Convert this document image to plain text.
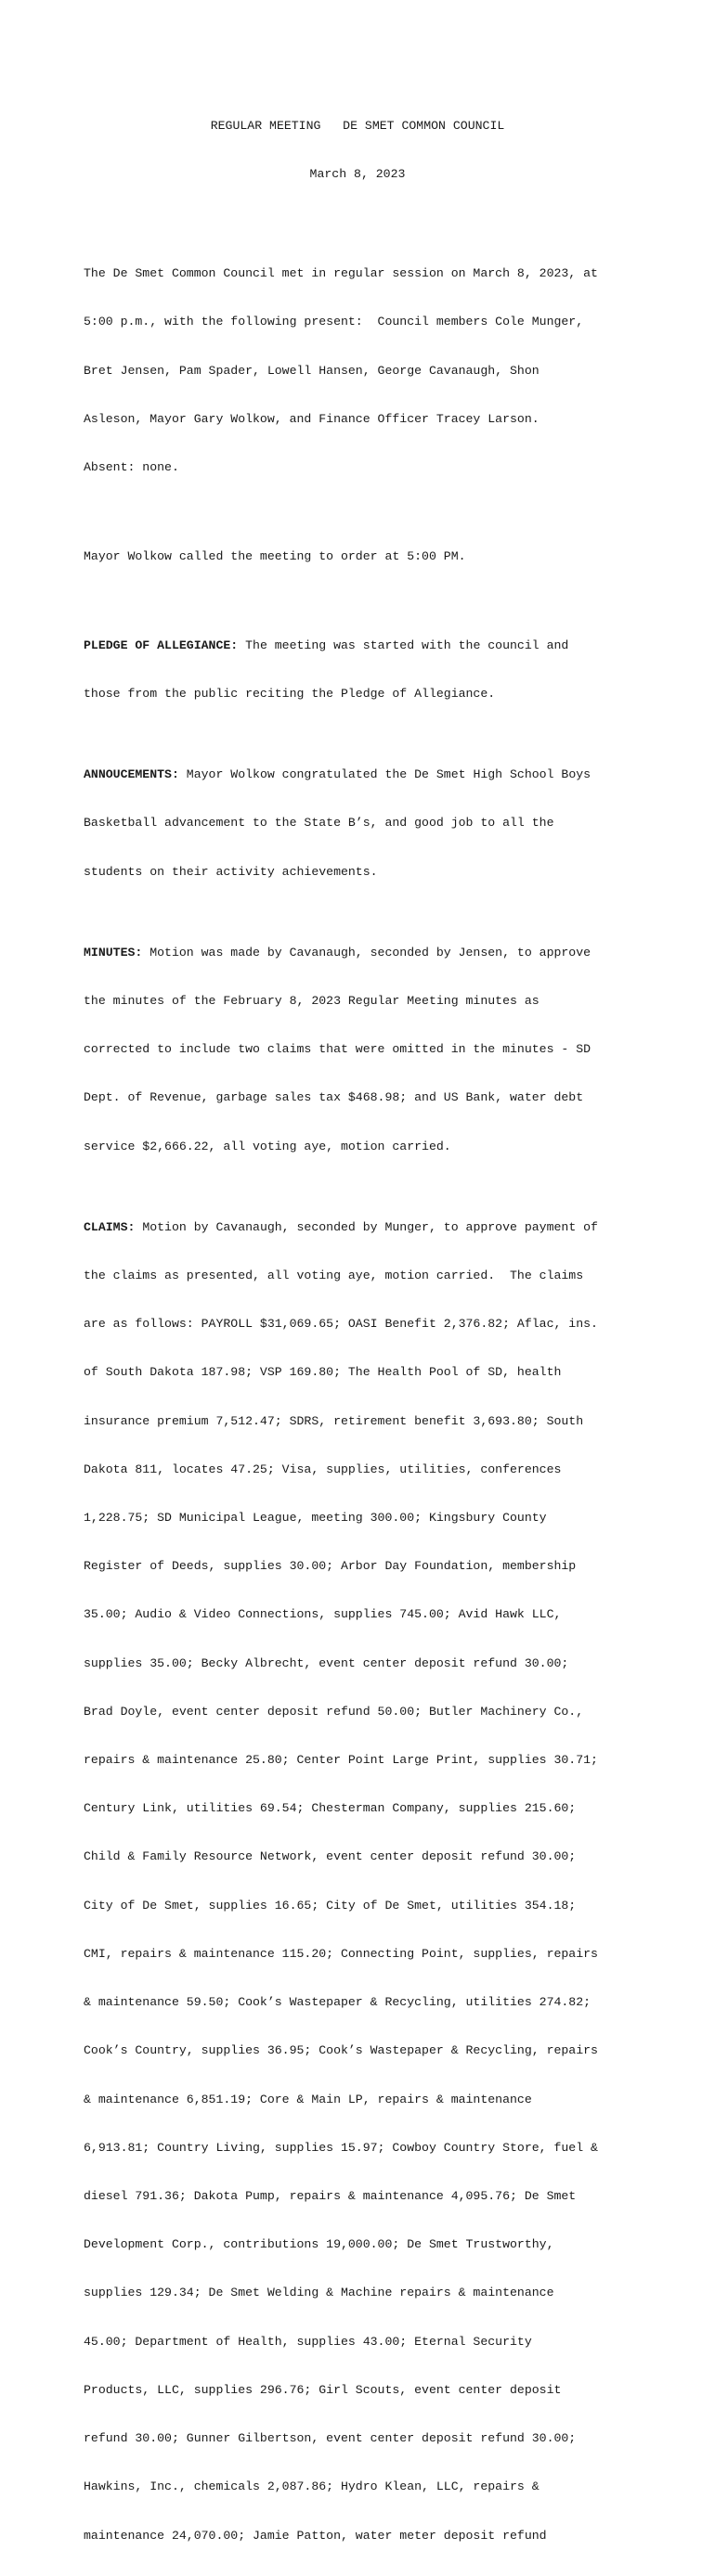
REGULAR MEETING   DE SMET COMMON COUNCIL

March 8, 2023

The De Smet Common Council met in regular session on March 8, 2023, at

5:00 p.m., with the following present:  Council members Cole Munger,

Bret Jensen, Pam Spader, Lowell Hansen, George Cavanaugh, Shon

Asleson, Mayor Gary Wolkow, and Finance Officer Tracey Larson.

Absent: none.

Mayor Wolkow called the meeting to order at 5:00 PM.

PLEDGE OF ALLEGIANCE: The meeting was started with the council and

those from the public reciting the Pledge of Allegiance.

ANNOUCEMENTS: Mayor Wolkow congratulated the De Smet High School Boys

Basketball advancement to the State B’s, and good job to all the

students on their activity achievements.

MINUTES: Motion was made by Cavanaugh, seconded by Jensen, to approve

the minutes of the February 8, 2023 Regular Meeting minutes as

corrected to include two claims that were omitted in the minutes - SD

Dept. of Revenue, garbage sales tax $468.98; and US Bank, water debt

service $2,666.22, all voting aye, motion carried.

CLAIMS: Motion by Cavanaugh, seconded by Munger, to approve payment of

the claims as presented, all voting aye, motion carried.  The claims

are as follows: PAYROLL $31,069.65; OASI Benefit 2,376.82; Aflac, ins.

of South Dakota 187.98; VSP 169.80; The Health Pool of SD, health

insurance premium 7,512.47; SDRS, retirement benefit 3,693.80; South

Dakota 811, locates 47.25; Visa, supplies, utilities, conferences

1,228.75; SD Municipal League, meeting 300.00; Kingsbury County

Register of Deeds, supplies 30.00; Arbor Day Foundation, membership

35.00; Audio & Video Connections, supplies 745.00; Avid Hawk LLC,

supplies 35.00; Becky Albrecht, event center deposit refund 30.00;

Brad Doyle, event center deposit refund 50.00; Butler Machinery Co.,

repairs & maintenance 25.80; Center Point Large Print, supplies 30.71;

Century Link, utilities 69.54; Chesterman Company, supplies 215.60;

Child & Family Resource Network, event center deposit refund 30.00;

City of De Smet, supplies 16.65; City of De Smet, utilities 354.18;

CMI, repairs & maintenance 115.20; Connecting Point, supplies, repairs

& maintenance 59.50; Cook’s Wastepaper & Recycling, utilities 274.82;

Cook’s Country, supplies 36.95; Cook’s Wastepaper & Recycling, repairs

& maintenance 6,851.19; Core & Main LP, repairs & maintenance

6,913.81; Country Living, supplies 15.97; Cowboy Country Store, fuel &

diesel 791.36; Dakota Pump, repairs & maintenance 4,095.76; De Smet

Development Corp., contributions 19,000.00; De Smet Trustworthy,

supplies 129.34; De Smet Welding & Machine repairs & maintenance

45.00; Department of Health, supplies 43.00; Eternal Security

Products, LLC, supplies 296.76; Girl Scouts, event center deposit

refund 30.00; Gunner Gilbertson, event center deposit refund 30.00;

Hawkins, Inc., chemicals 2,087.86; Hydro Klean, LLC, repairs &

maintenance 24,070.00; Jamie Patton, water meter deposit refund
